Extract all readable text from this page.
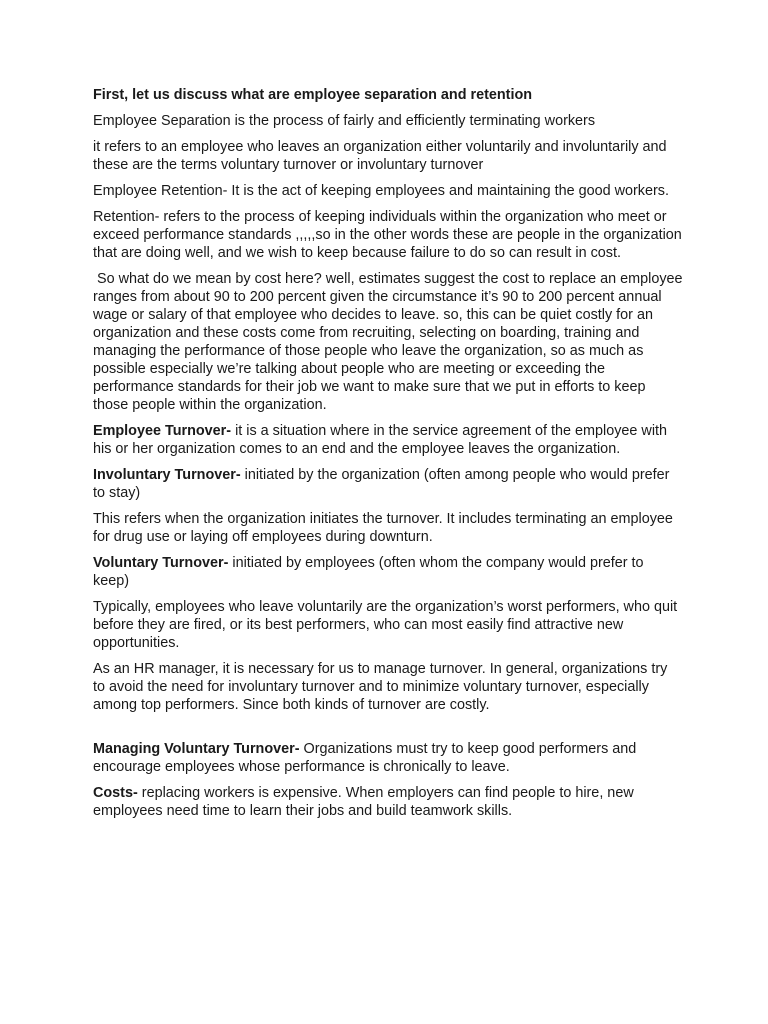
First, let us discuss what are employee separation and retention

Employee Separation is the process of fairly and efficiently terminating workers

it refers to an employee who leaves an organization either voluntarily and involuntarily and these are the terms voluntary turnover or involuntary turnover

Employee Retention- It is the act of keeping employees and maintaining the good workers.

Retention- refers to the process of keeping individuals within the organization who meet or exceed performance standards ,,,,,so in the other words these are people in the organization that are doing well, and we wish to keep because failure to do so can result in cost.

So what do we mean by cost here? well, estimates suggest the cost to replace an employee ranges from about 90 to 200 percent given the circumstance it’s 90 to 200 percent annual wage or salary of that employee who decides to leave. so, this can be quiet costly for an organization and these costs come from recruiting, selecting on boarding, training and managing the performance of those people who leave the organization, so as much as possible especially we’re talking about people who are meeting or exceeding the performance standards for their job we want to make sure that we put in efforts to keep those people within the organization.

Employee Turnover- it is a situation where in the service agreement of the employee with his or her organization comes to an end and the employee leaves the organization.

Involuntary Turnover- initiated by the organization (often among people who would prefer to stay)

This refers when the organization initiates the turnover. It includes terminating an employee for drug use or laying off employees during downturn.

Voluntary Turnover- initiated by employees (often whom the company would prefer to keep)

Typically, employees who leave voluntarily are the organization’s worst performers, who quit before they are fired, or its best performers, who can most easily find attractive new opportunities.

As an HR manager, it is necessary for us to manage turnover. In general, organizations try to avoid the need for involuntary turnover and to minimize voluntary turnover, especially among top performers. Since both kinds of turnover are costly.

Managing Voluntary Turnover- Organizations must try to keep good performers and encourage employees whose performance is chronically to leave.

Costs- replacing workers is expensive. When employers can find people to hire, new employees need time to learn their jobs and build teamwork skills.
